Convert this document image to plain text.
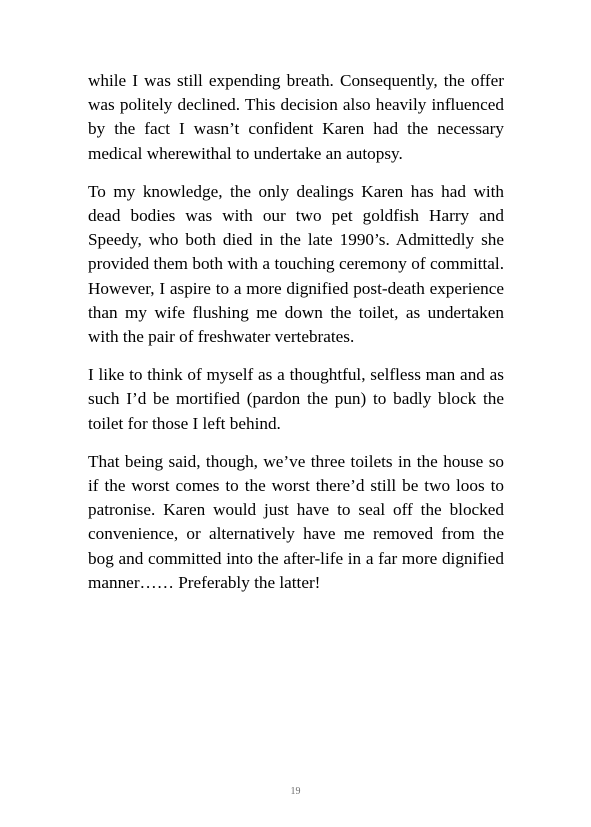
while I was still expending breath. Consequently, the offer was politely declined. This decision also heavily influenced by the fact I wasn’t confident Karen had the necessary medical wherewithal to undertake an autopsy.

To my knowledge, the only dealings Karen has had with dead bodies was with our two pet goldfish Harry and Speedy, who both died in the late 1990’s. Admittedly she provided them both with a touching ceremony of committal. However, I aspire to a more dignified post-death experience than my wife flushing me down the toilet, as undertaken with the pair of freshwater vertebrates.

I like to think of myself as a thoughtful, selfless man and as such I’d be mortified (pardon the pun) to badly block the toilet for those I left behind.

That being said, though, we’ve three toilets in the house so if the worst comes to the worst there’d still be two loos to patronise. Karen would just have to seal off the blocked convenience, or alternatively have me removed from the bog and committed into the after-life in a far more dignified manner…… Preferably the latter!

19
